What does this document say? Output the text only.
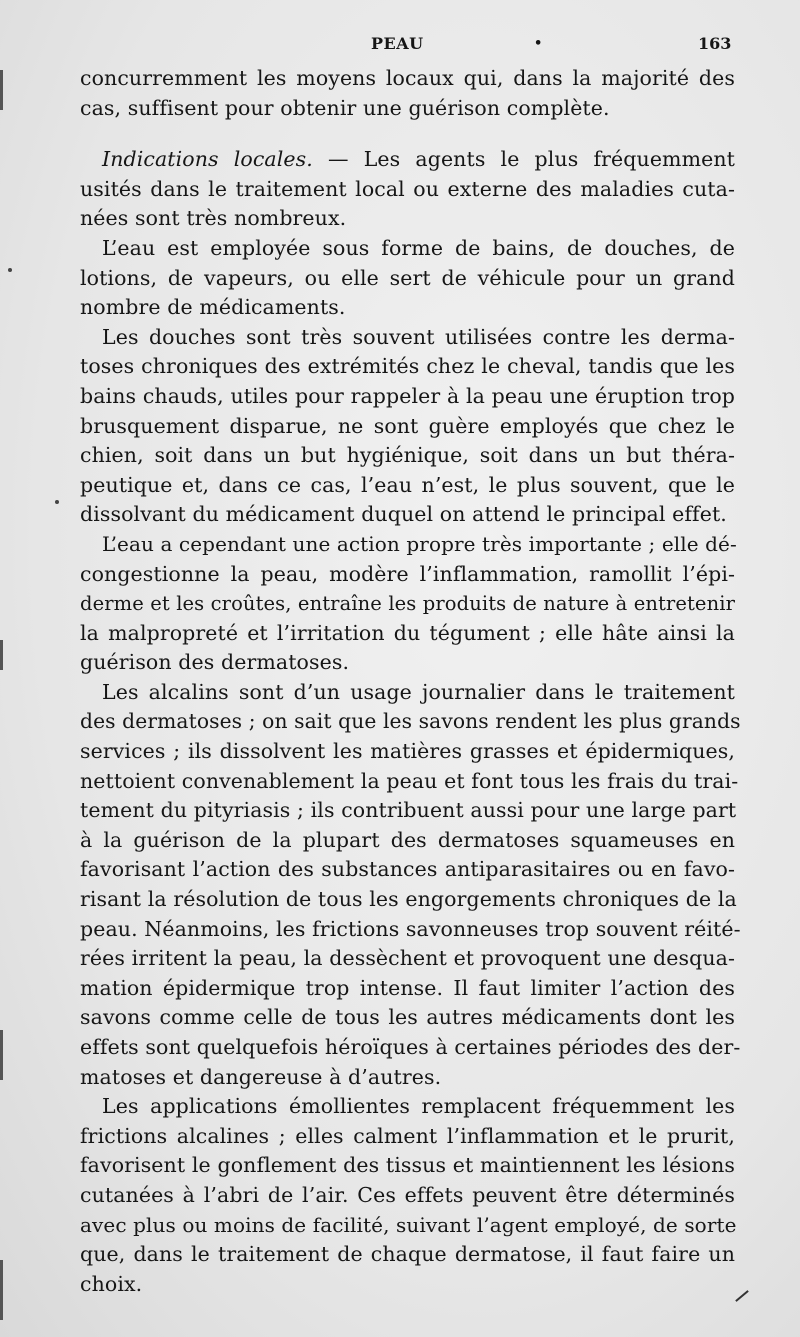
PEAU	•	163
concurremment les moyens locaux qui, dans la majorité des
cas, suffisent pour obtenir une guérison complète.
Indications locales. — Les agents le plus fréquemment
usités dans le traitement local ou externe des maladies cuta-
nées sont très nombreux.
L’eau est employée sous forme de bains, de douches, de
lotions, de vapeurs, ou elle sert de véhicule pour un grand
nombre de médicaments.
Les douches sont très souvent utilisées contre les derma-
toses chroniques des extrémités chez le cheval, tandis que les
bains chauds, utiles pour rappeler à la peau une éruption trop
brusquement disparue, ne sont guère employés que chez le
chien, soit dans un but hygiénique, soit dans un but théra-
peutique et, dans ce cas, l’eau n’est, le plus souvent, que le
dissolvant du médicament duquel on attend le principal effet.
L’eau a cependant une action propre très importante ; elle dé-
congestionne la peau, modère l’inflammation, ramollit l’épi-
derme et les croûtes, entraîne les produits de nature à entretenir
la malpropreté et l’irritation du tégument ; elle hâte ainsi la
guérison des dermatoses.
Les alcalins sont d’un usage journalier dans le traitement
des dermatoses ; on sait que les savons rendent les plus grands
services ; ils dissolvent les matières grasses et épidermiques,
nettoient convenablement la peau et font tous les frais du trai-
tement du pityriasis ; ils contribuent aussi pour une large part
à la guérison de la plupart des dermatoses squameuses en
favorisant l’action des substances antiparasitaires ou en favo-
risant la résolution de tous les engorgements chroniques de la
peau. Néanmoins, les frictions savonneuses trop souvent réité-
rées irritent la peau, la dessèchent et provoquent une desqua-
mation épidermique trop intense. Il faut limiter l’action des
savons comme celle de tous les autres médicaments dont les
effets sont quelquefois héroïques à certaines périodes des der-
matoses et dangereuse à d’autres.
Les applications émollientes remplacent fréquemment les
frictions alcalines ; elles calment l’inflammation et le prurit,
favorisent le gonflement des tissus et maintiennent les lésions
cutanées à l’abri de l’air. Ces effets peuvent être déterminés
avec plus ou moins de facilité, suivant l’agent employé, de sorte
que, dans le traitement de chaque dermatose, il faut faire un
choix.
